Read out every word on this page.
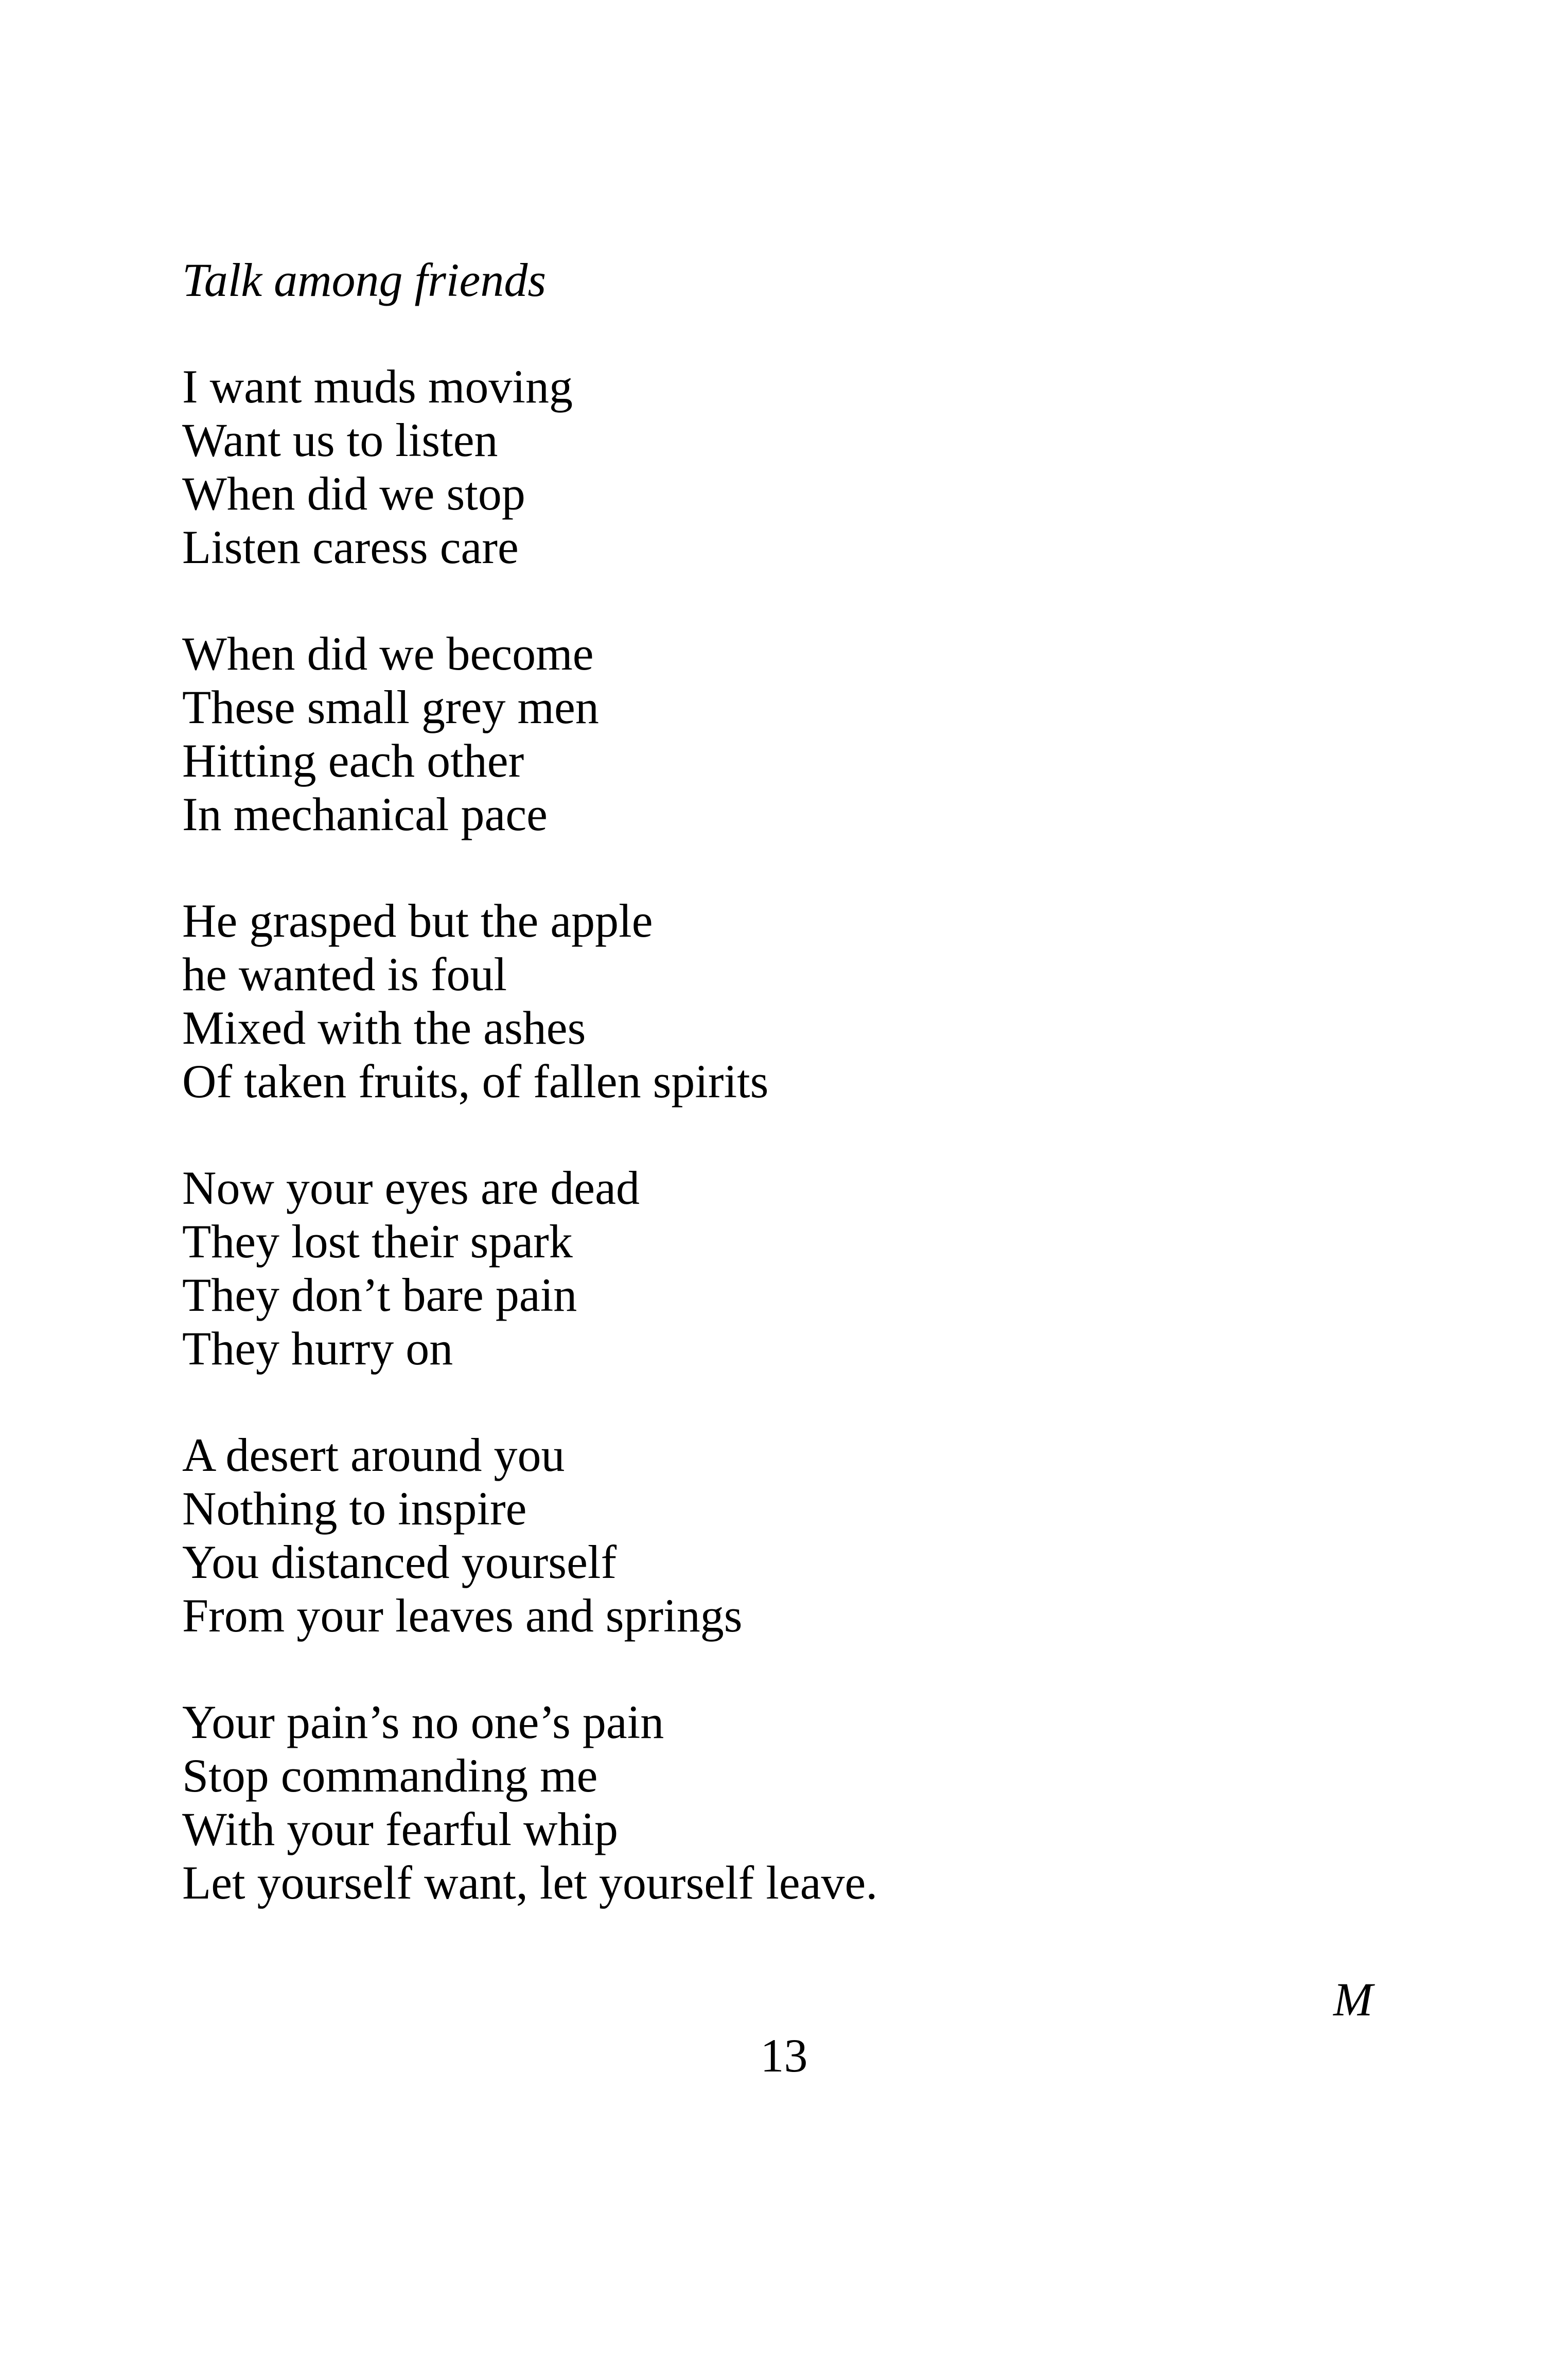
Talk among friends
I want muds moving
Want us to listen
When did we stop
Listen caress care
When did we become
These small grey men
Hitting each other
In mechanical pace
He grasped but the apple
he wanted is foul
Mixed with the ashes
Of taken fruits, of fallen spirits
Now your eyes are dead
They lost their spark
They don’t bare pain
They hurry on
A desert around you
Nothing to inspire
You distanced yourself
From your leaves and springs
Your pain’s no one’s pain
Stop commanding me
With your fearful whip
Let yourself want, let yourself leave.
M
13
